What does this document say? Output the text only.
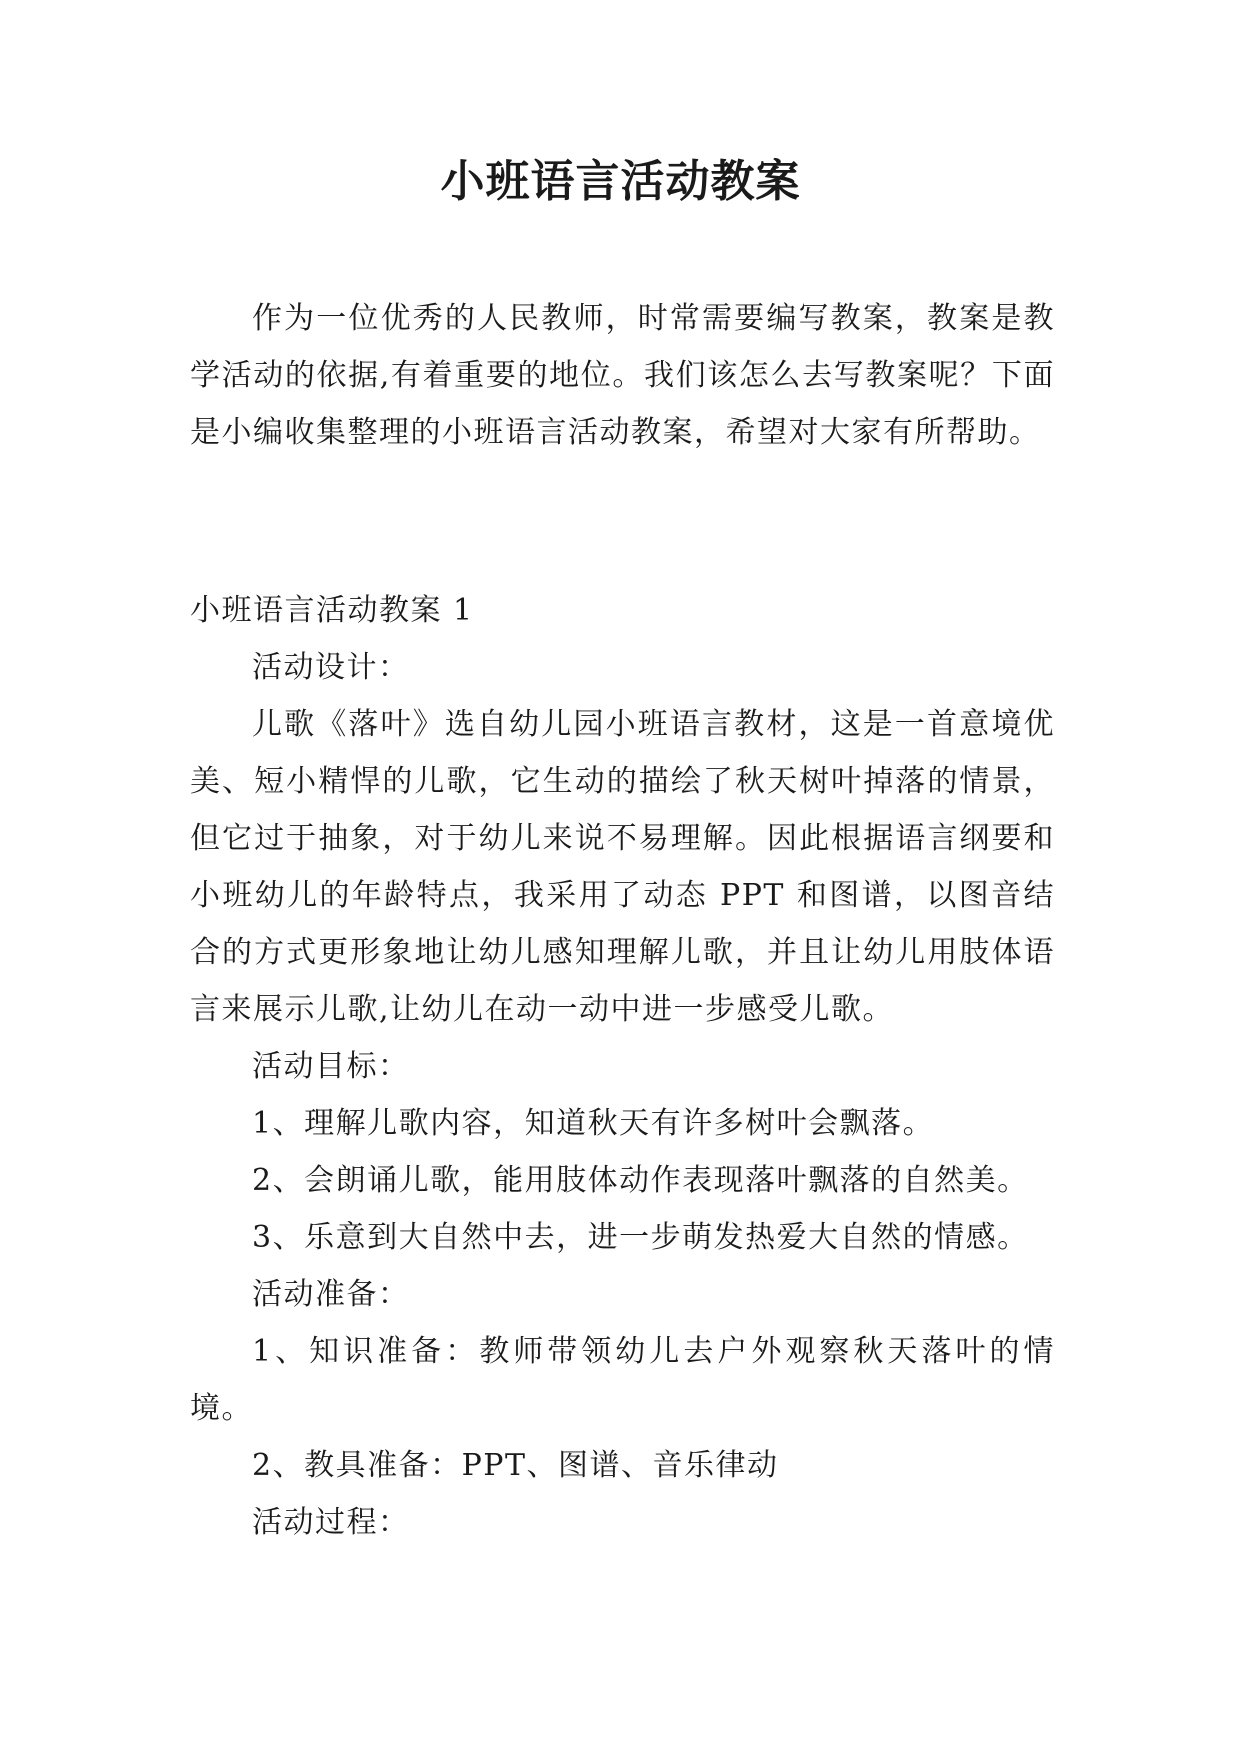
小班语言活动教案

作为一位优秀的人民教师，时常需要编写教案，教案是教学活动的依据,有着重要的地位。我们该怎么去写教案呢？下面是小编收集整理的小班语言活动教案，希望对大家有所帮助。

小班语言活动教案 1

活动设计：

儿歌《落叶》选自幼儿园小班语言教材，这是一首意境优美、短小精悍的儿歌，它生动的描绘了秋天树叶掉落的情景，但它过于抽象，对于幼儿来说不易理解。因此根据语言纲要和小班幼儿的年龄特点，我采用了动态 PPT 和图谱，以图音结合的方式更形象地让幼儿感知理解儿歌，并且让幼儿用肢体语言来展示儿歌,让幼儿在动一动中进一步感受儿歌。

活动目标：

1、理解儿歌内容，知道秋天有许多树叶会飘落。

2、会朗诵儿歌，能用肢体动作表现落叶飘落的自然美。

3、乐意到大自然中去，进一步萌发热爱大自然的情感。

活动准备：

1、知识准备：教师带领幼儿去户外观察秋天落叶的情境。

2、教具准备：PPT、图谱、音乐律动

活动过程：
